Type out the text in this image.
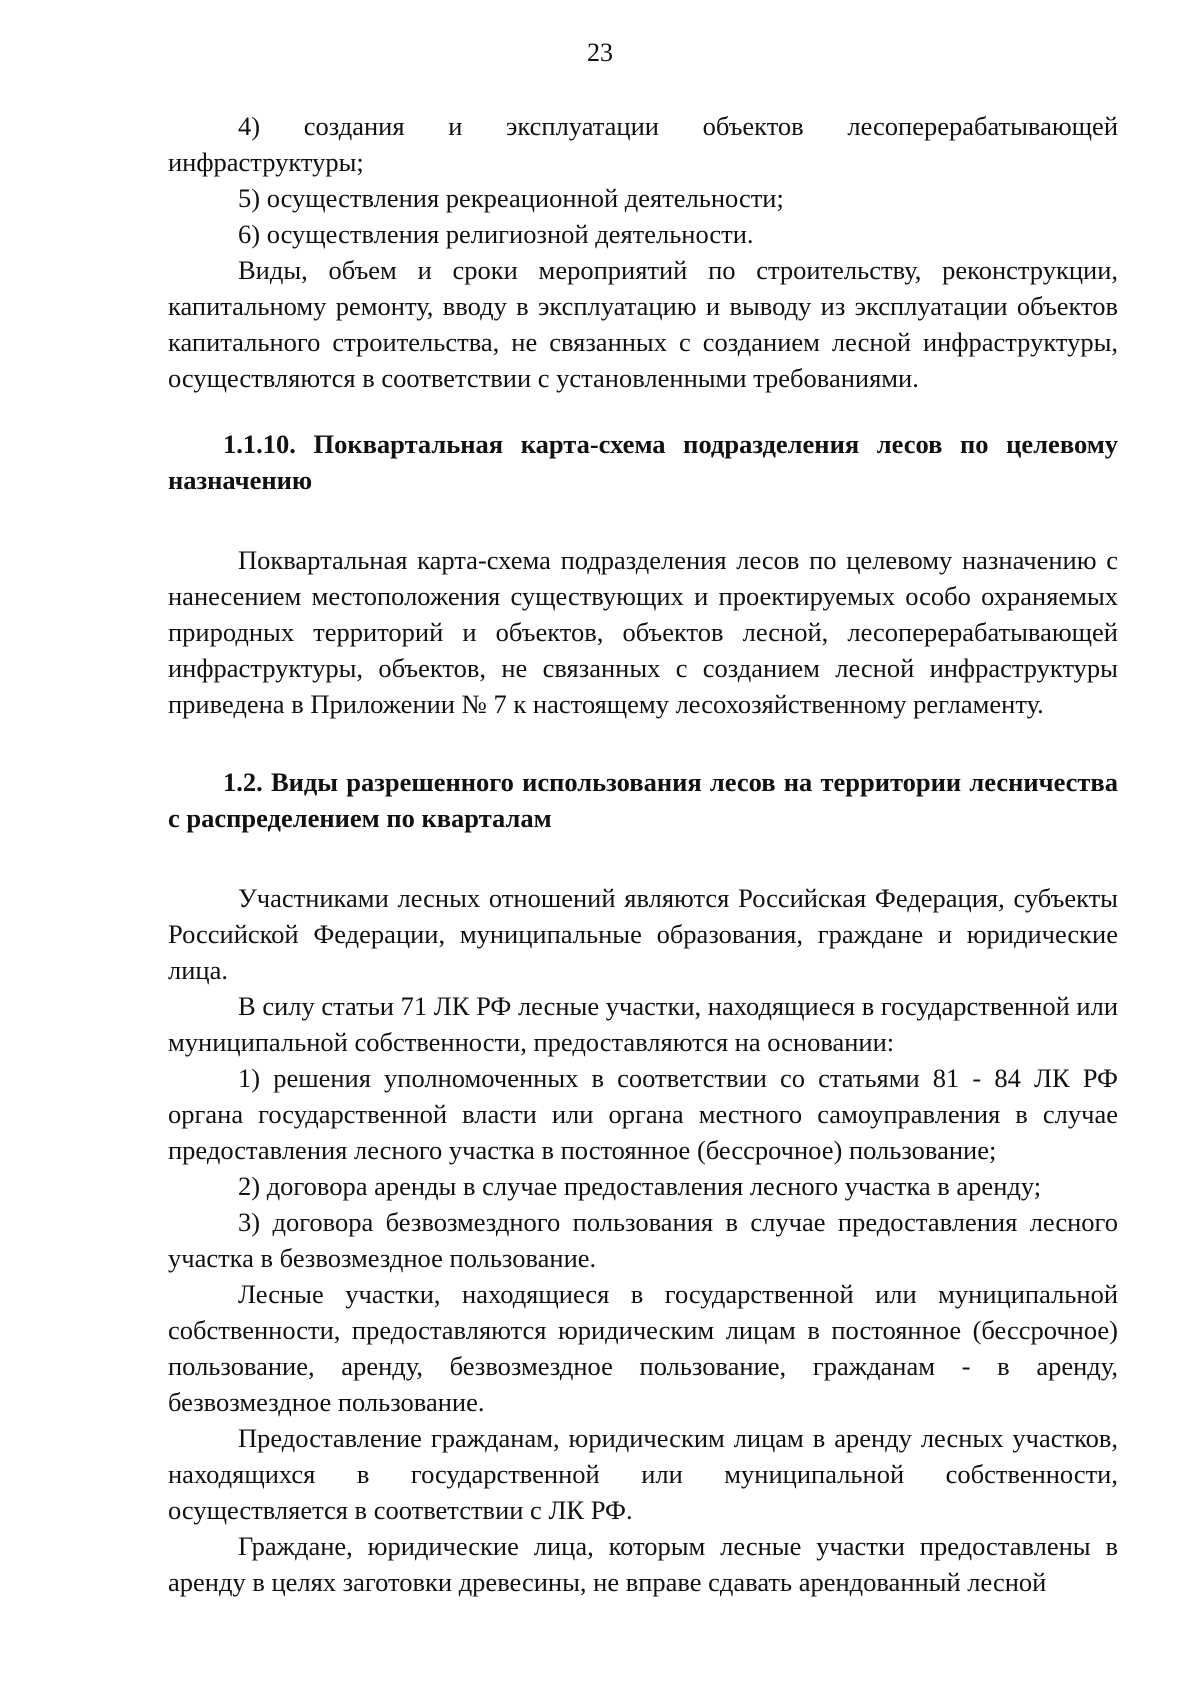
23

4) создания и эксплуатации объектов лесоперерабатывающей инфраструктуры;

5) осуществления рекреационной деятельности;

6) осуществления религиозной деятельности.

Виды, объем и сроки мероприятий по строительству, реконструкции, капитальному ремонту, вводу в эксплуатацию и выводу из эксплуатации объектов капитального строительства, не связанных с созданием лесной инфраструктуры, осуществляются в соответствии с установленными требованиями.

1.1.10. Поквартальная карта-схема подразделения лесов по целевому назначению

Поквартальная карта-схема подразделения лесов по целевому назначению с нанесением местоположения существующих и проектируемых особо охраняемых природных территорий и объектов, объектов лесной, лесоперерабатывающей инфраструктуры, объектов, не связанных с созданием лесной инфраструктуры приведена в Приложении № 7 к настоящему лесохозяйственному регламенту.

1.2. Виды разрешенного использования лесов на территории лесничества с распределением по кварталам

Участниками лесных отношений являются Российская Федерация, субъекты Российской Федерации, муниципальные образования, граждане и юридические лица.

В силу статьи 71 ЛК РФ лесные участки, находящиеся в государственной или муниципальной собственности, предоставляются на основании:

1) решения уполномоченных в соответствии со статьями 81 - 84 ЛК РФ органа государственной власти или органа местного самоуправления в случае предоставления лесного участка в постоянное (бессрочное) пользование;

2) договора аренды в случае предоставления лесного участка в аренду;

3) договора безвозмездного пользования в случае предоставления лесного участка в безвозмездное пользование.

Лесные участки, находящиеся в государственной или муниципальной собственности, предоставляются юридическим лицам в постоянное (бессрочное) пользование, аренду, безвозмездное пользование, гражданам - в аренду, безвозмездное пользование.

Предоставление гражданам, юридическим лицам в аренду лесных участков, находящихся в государственной или муниципальной собственности, осуществляется в соответствии с ЛК РФ.

Граждане, юридические лица, которым лесные участки предоставлены в аренду в целях заготовки древесины, не вправе сдавать арендованный лесной
